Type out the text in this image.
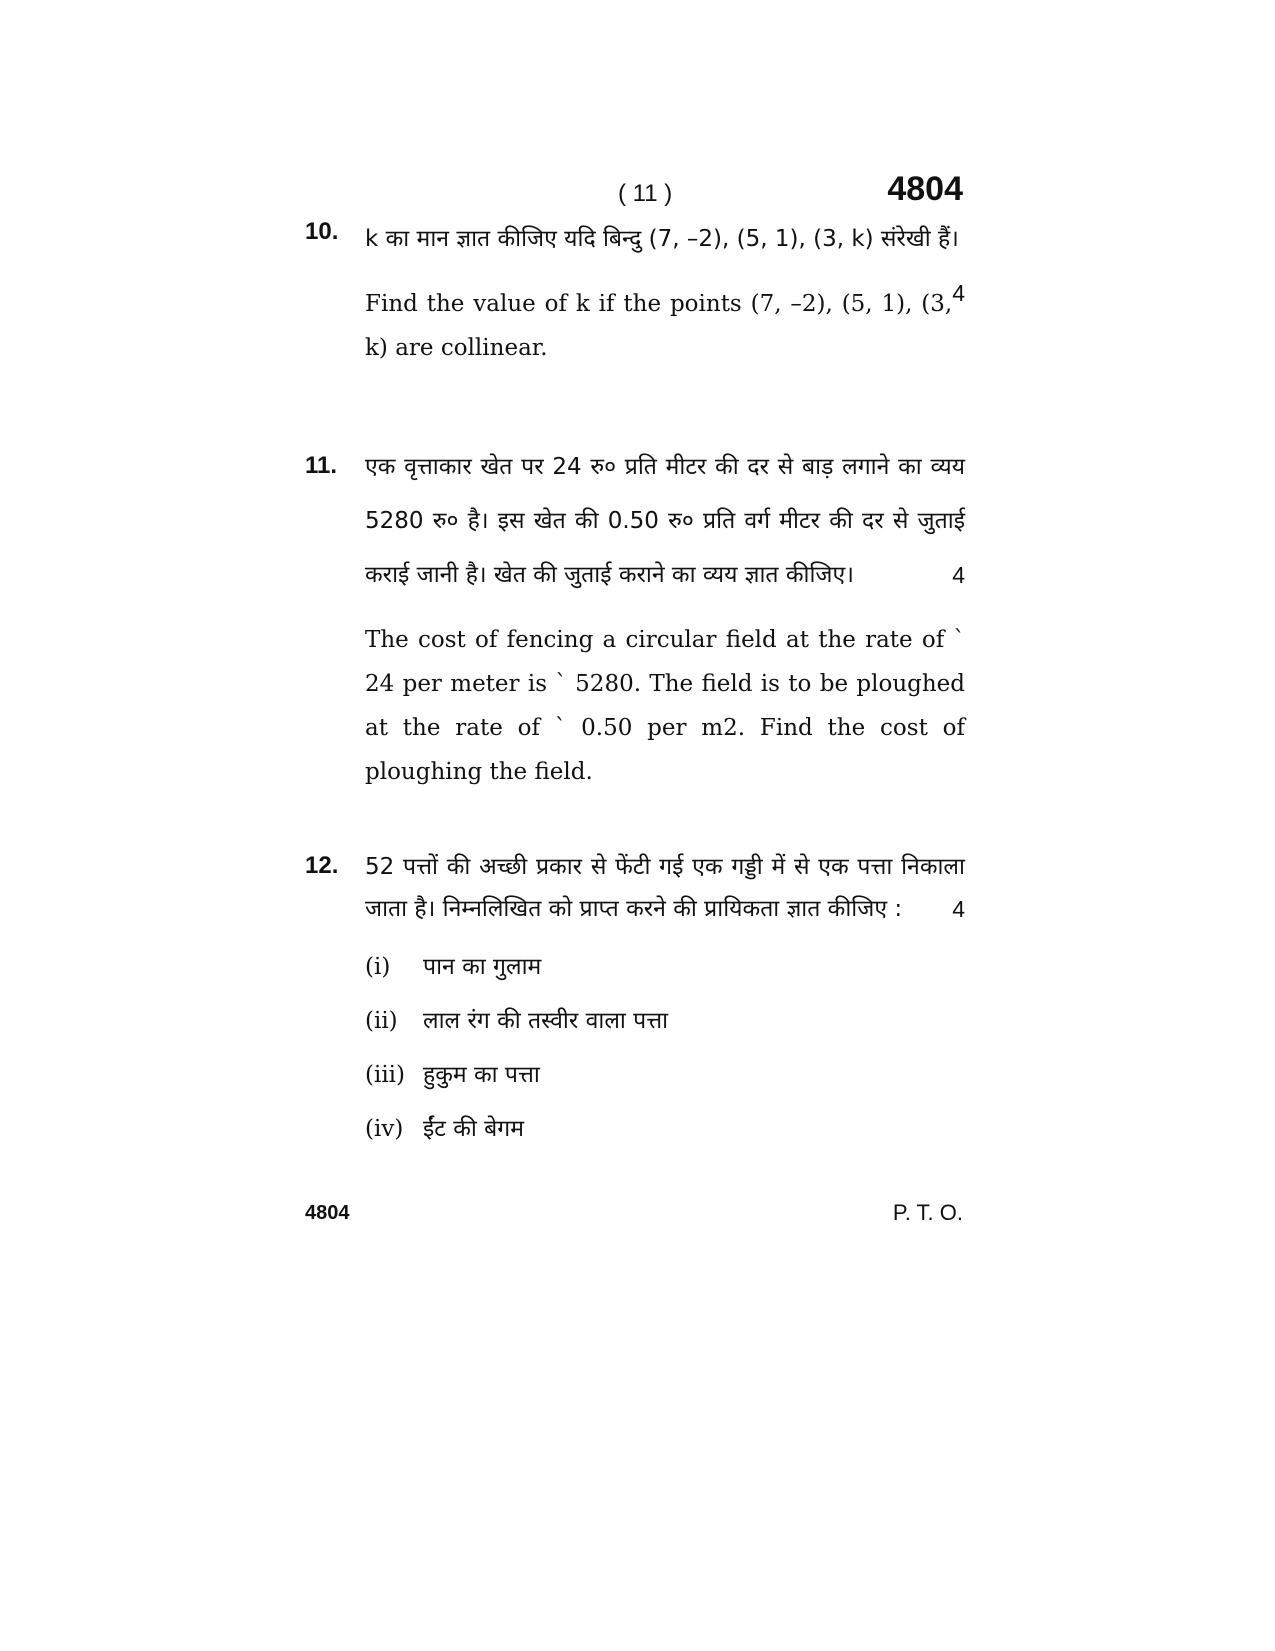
( 11 )	4804
10. k का मान ज्ञात कीजिए यदि बिन्दु (7, –2), (5, 1), (3, k) संरेखी हैं।
4
Find the value of k if the points (7, –2), (5, 1), (3, k) are collinear.
11. एक वृत्ताकार खेत पर 24 रु० प्रति मीटर की दर से बाड़ लगाने का व्यय 5280 रु० है। इस खेत की 0.50 रु० प्रति वर्ग मीटर की दर से जुताई कराई जानी है। खेत की जुताई कराने का व्यय ज्ञात कीजिए।	4
The cost of fencing a circular field at the rate of ` 24 per meter is ` 5280. The field is to be ploughed at the rate of ` 0.50 per m2. Find the cost of ploughing the field.
12. 52 पत्तों की अच्छी प्रकार से फेंटी गई एक गड्डी में से एक पत्ता निकाला जाता है। निम्नलिखित को प्राप्त करने की प्रायिकता ज्ञात कीजिए : 4
(i)	पान का गुलाम
(ii)	लाल रंग की तस्वीर वाला पत्ता
(iii) हुकुम का पत्ता
(iv) ईंट की बेगम
4804	P. T. O.
